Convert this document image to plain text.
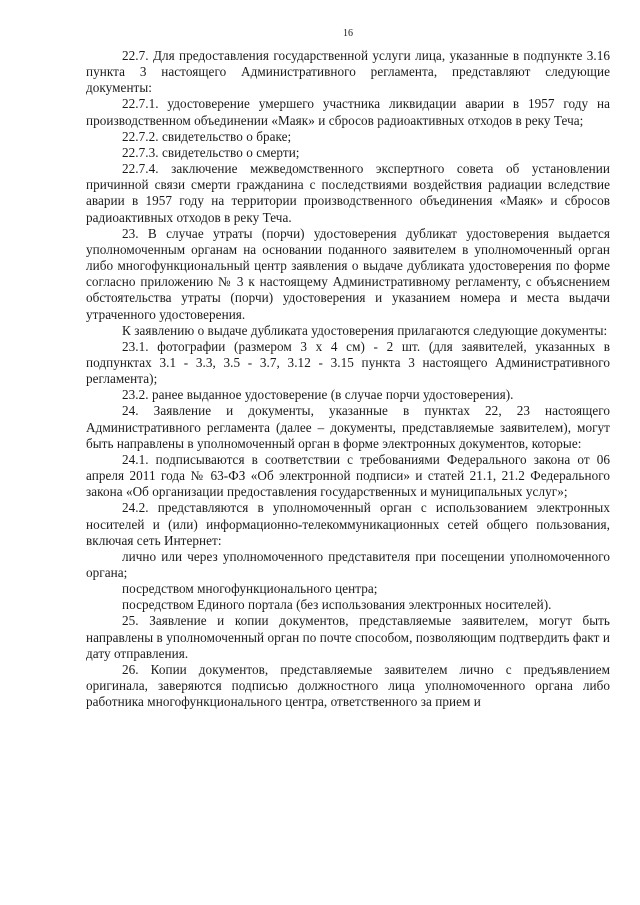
16

22.7. Для предоставления государственной услуги лица, указанные в подпункте 3.16 пункта 3 настоящего Административного регламента, представляют следующие документы:

22.7.1. удостоверение умершего участника ликвидации аварии в 1957 году на производственном объединении «Маяк» и сбросов радиоактивных отходов в реку Теча;

22.7.2. свидетельство о браке;

22.7.3. свидетельство о смерти;

22.7.4. заключение межведомственного экспертного совета об установлении причинной связи смерти гражданина с последствиями воздействия радиации вследствие аварии в 1957 году на территории производственного объединения «Маяк» и сбросов радиоактивных отходов в реку Теча.

23. В случае утраты (порчи) удостоверения дубликат удостоверения выдается уполномоченным органам на основании поданного заявителем в уполномоченный орган либо многофункциональный центр заявления о выдаче дубликата удостоверения по форме согласно приложению № 3 к настоящему Административному регламенту, с объяснением обстоятельства утраты (порчи) удостоверения и указанием номера и места выдачи утраченного удостоверения.

К заявлению о выдаче дубликата удостоверения прилагаются следующие документы:

23.1. фотографии (размером 3 х 4 см) - 2 шт. (для заявителей, указанных в подпунктах 3.1 - 3.3, 3.5 - 3.7, 3.12 - 3.15 пункта 3 настоящего Административного регламента);

23.2. ранее выданное удостоверение (в случае порчи удостоверения).

24. Заявление и документы, указанные в пунктах 22, 23 настоящего Административного регламента (далее – документы, представляемые заявителем), могут быть направлены в уполномоченный орган в форме электронных документов, которые:

24.1. подписываются в соответствии с требованиями Федерального закона от 06 апреля 2011 года № 63-ФЗ «Об электронной подписи» и статей 21.1, 21.2 Федерального закона «Об организации предоставления государственных и муниципальных услуг»;

24.2. представляются в уполномоченный орган с использованием электронных носителей и (или) информационно-телекоммуникационных сетей общего пользования, включая сеть Интернет:

лично или через уполномоченного представителя при посещении уполномоченного органа;

посредством многофункционального центра;

посредством Единого портала (без использования электронных носителей).

25. Заявление и копии документов, представляемые заявителем, могут быть направлены в уполномоченный орган по почте способом, позволяющим подтвердить факт и дату отправления.

26. Копии документов, представляемые заявителем лично с предъявлением оригинала, заверяются подписью должностного лица уполномоченного органа либо работника многофункционального центра, ответственного за прием и
